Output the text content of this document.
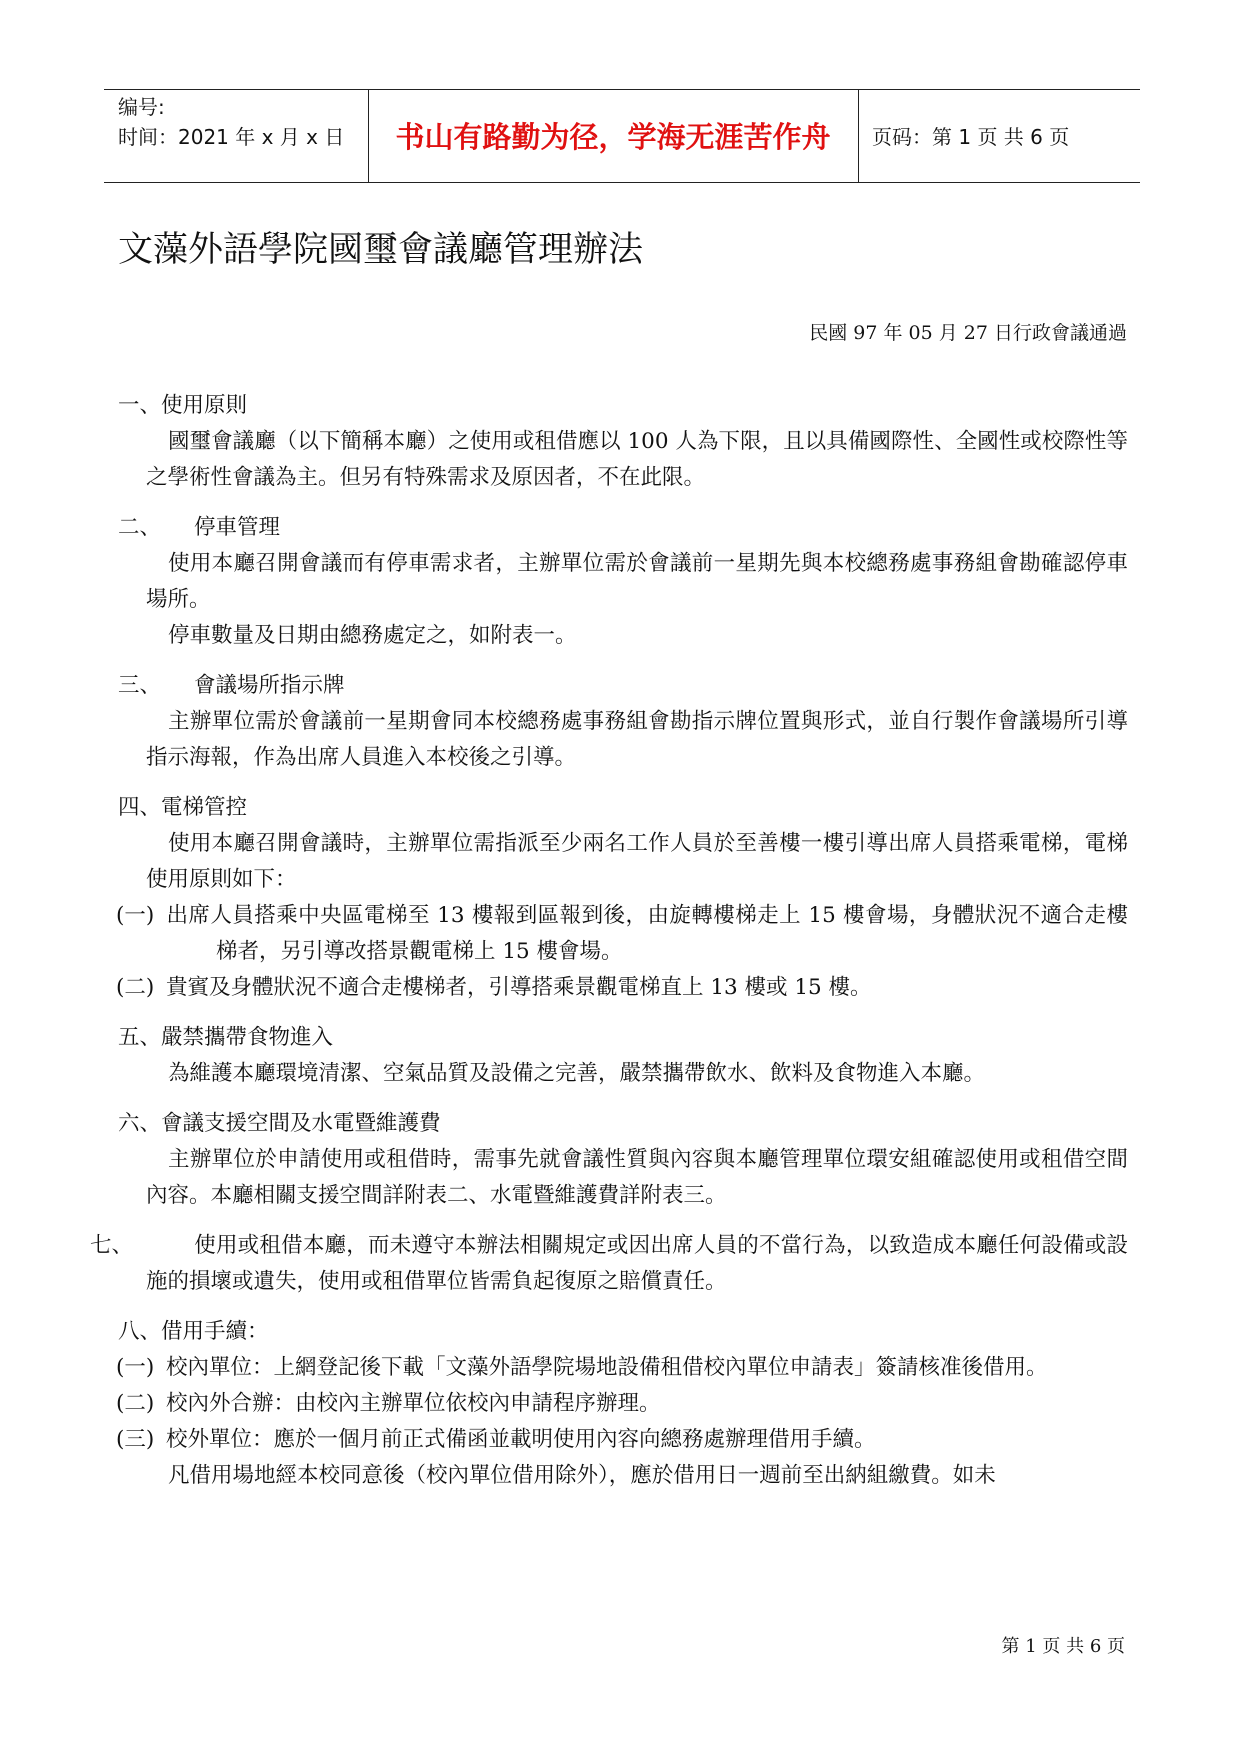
编号:
时间：2021 年 x 月 x 日	书山有路勤为径，学海无涯苦作舟	页码：第 1 页 共 6 页
文藻外語學院國璽會議廳管理辦法
民國 97 年 05 月 27 日行政會議通過
一、使用原則
國璽會議廳（以下簡稱本廳）之使用或租借應以 100 人為下限，且以具備國際性、全國性或校際性等之學術性會議為主。但另有特殊需求及原因者，不在此限。
二、 停車管理
使用本廳召開會議而有停車需求者，主辦單位需於會議前一星期先與本校總務處事務組會勘確認停車場所。
停車數量及日期由總務處定之，如附表一。
三、 會議場所指示牌
主辦單位需於會議前一星期會同本校總務處事務組會勘指示牌位置與形式，並自行製作會議場所引導指示海報，作為出席人員進入本校後之引導。
四、電梯管控
使用本廳召開會議時，主辦單位需指派至少兩名工作人員於至善樓一樓引導出席人員搭乘電梯，電梯使用原則如下：
(一) 出席人員搭乘中央區電梯至 13 樓報到區報到後，由旋轉樓梯走上 15 樓會場，身體狀況不適合走樓梯者，另引導改搭景觀電梯上 15 樓會場。
(二) 貴賓及身體狀況不適合走樓梯者，引導搭乘景觀電梯直上 13 樓或 15 樓。
五、嚴禁攜帶食物進入
為維護本廳環境清潔、空氣品質及設備之完善，嚴禁攜帶飲水、飲料及食物進入本廳。
六、會議支援空間及水電暨維護費
主辦單位於申請使用或租借時，需事先就會議性質與內容與本廳管理單位環安組確認使用或租借空間內容。本廳相關支援空間詳附表二、水電暨維護費詳附表三。
七、	使用或租借本廳，而未遵守本辦法相關規定或因出席人員的不當行為，以致造成本廳任何設備或設施的損壞或遺失，使用或租借單位皆需負起復原之賠償責任。
八、借用手續：
(一) 校內單位：上網登記後下載「文藻外語學院場地設備租借校內單位申請表」簽請核准後借用。
(二) 校內外合辦：由校內主辦單位依校內申請程序辦理。
(三) 校外單位：應於一個月前正式備函並載明使用內容向總務處辦理借用手續。
凡借用場地經本校同意後（校內單位借用除外），應於借用日一週前至出納組繳費。如未
第 1 页 共 6 页
